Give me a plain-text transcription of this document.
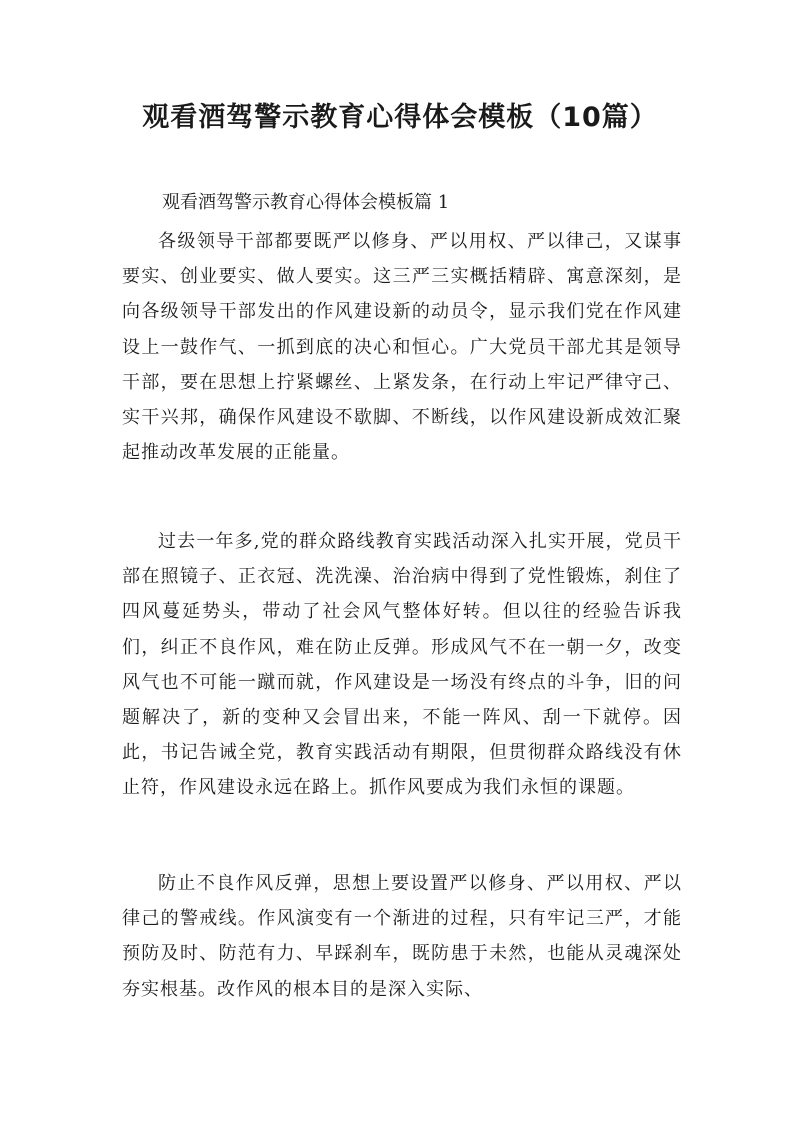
观看酒驾警示教育心得体会模板（10篇）

观看酒驾警示教育心得体会模板篇 1

各级领导干部都要既严以修身、严以用权、严以律己，又谋事要实、创业要实、做人要实。这三严三实概括精辟、寓意深刻，是向各级领导干部发出的作风建设新的动员令，显示我们党在作风建设上一鼓作气、一抓到底的决心和恒心。广大党员干部尤其是领导干部，要在思想上拧紧螺丝、上紧发条，在行动上牢记严律守己、实干兴邦，确保作风建设不歇脚、不断线，以作风建设新成效汇聚起推动改革发展的正能量。

过去一年多,党的群众路线教育实践活动深入扎实开展，党员干部在照镜子、正衣冠、洗洗澡、治治病中得到了党性锻炼，刹住了四风蔓延势头，带动了社会风气整体好转。但以往的经验告诉我们，纠正不良作风，难在防止反弹。形成风气不在一朝一夕，改变风气也不可能一蹴而就，作风建设是一场没有终点的斗争，旧的问题解决了，新的变种又会冒出来，不能一阵风、刮一下就停。因此，书记告诫全党，教育实践活动有期限，但贯彻群众路线没有休止符，作风建设永远在路上。抓作风要成为我们永恒的课题。

防止不良作风反弹，思想上要设置严以修身、严以用权、严以律己的警戒线。作风演变有一个渐进的过程，只有牢记三严，才能预防及时、防范有力、早踩刹车，既防患于未然，也能从灵魂深处夯实根基。改作风的根本目的是深入实际、
